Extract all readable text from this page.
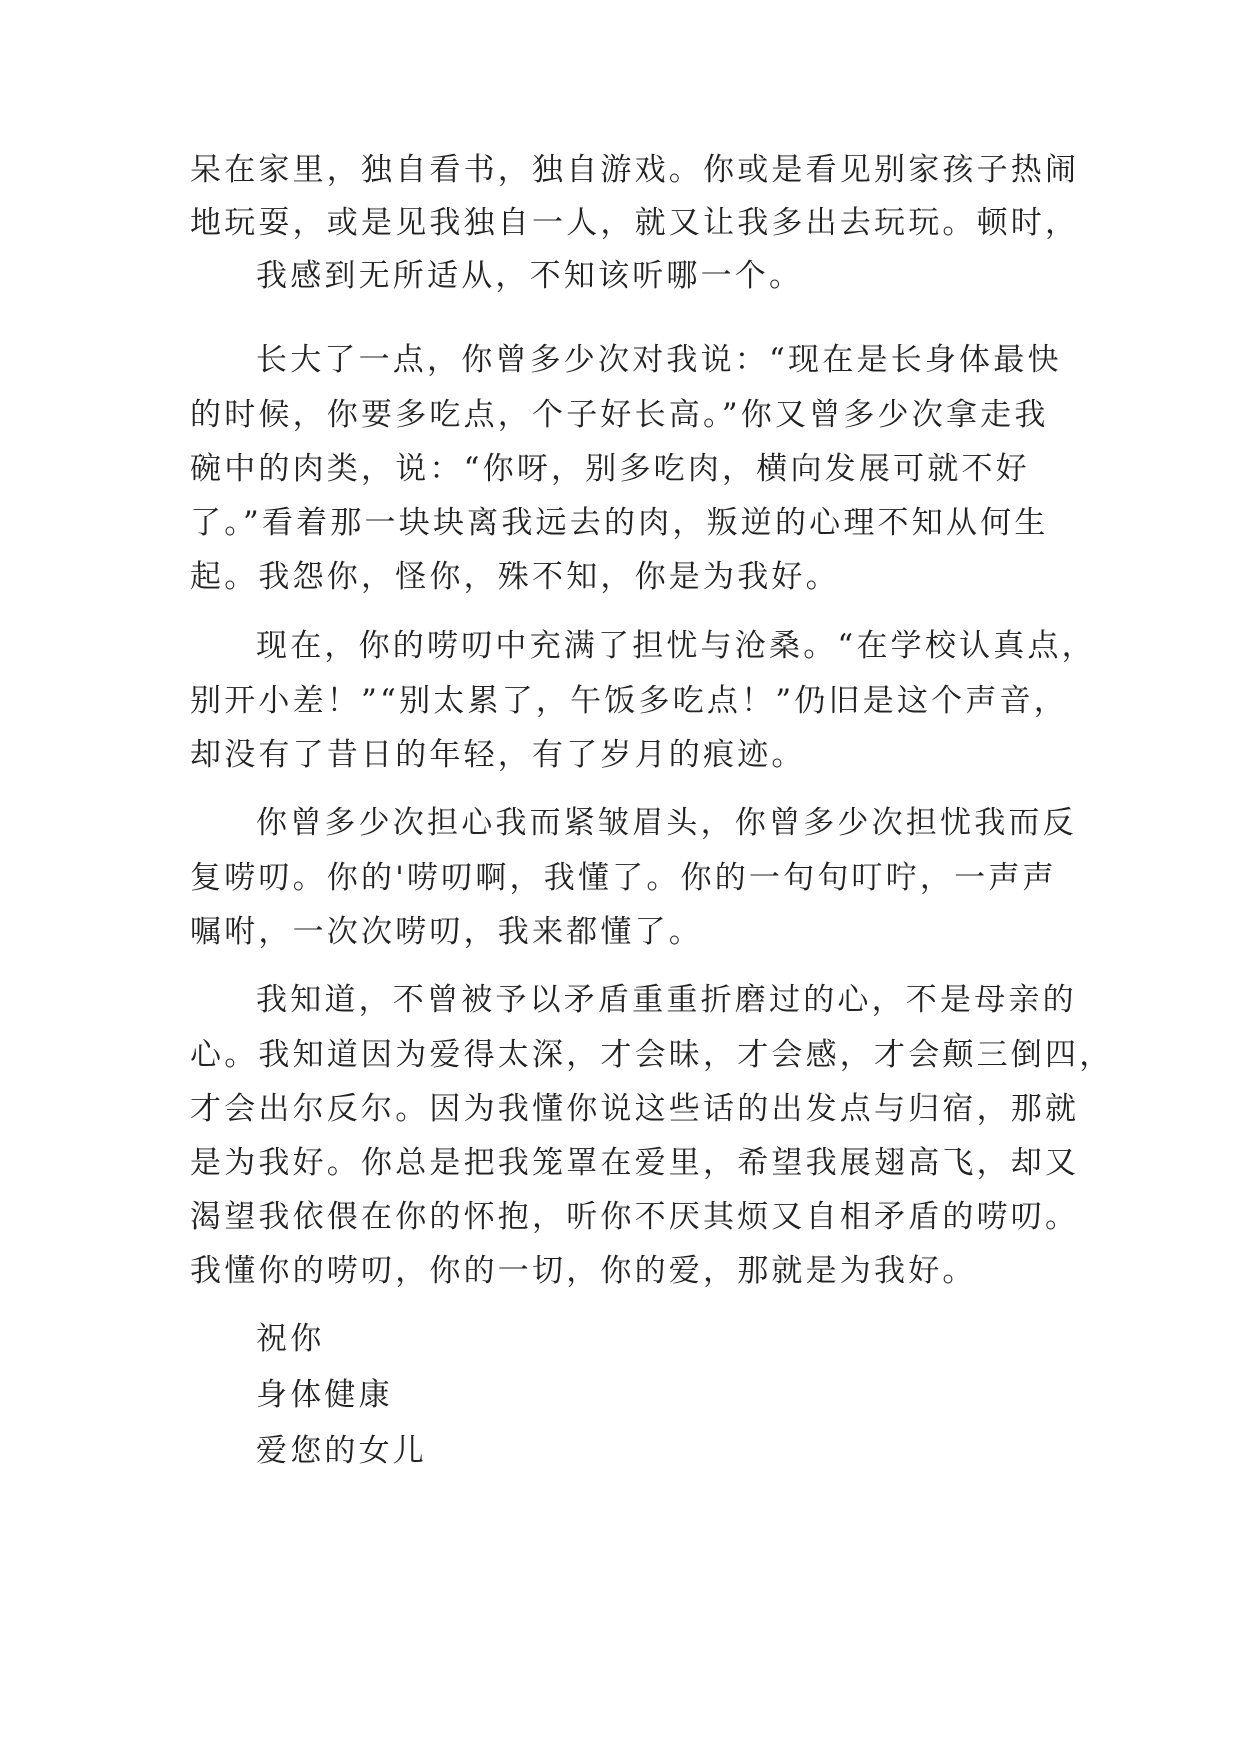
呆在家里，独自看书，独自游戏。你或是看见别家孩子热闹

地玩耍，或是见我独自一人，就又让我多出去玩玩。顿时，

我感到无所适从，不知该听哪一个。

长大了一点，你曾多少次对我说：“现在是长身体最快

的时候，你要多吃点，个子好长高。”你又曾多少次拿走我

碗中的肉类，说：“你呀，别多吃肉，横向发展可就不好

了。”看着那一块块离我远去的肉，叛逆的心理不知从何生

起。我怨你，怪你，殊不知，你是为我好。

现在，你的唠叨中充满了担忧与沧桑。“在学校认真点，

别开小差！”“别太累了，午饭多吃点！”仍旧是这个声音，

却没有了昔日的年轻，有了岁月的痕迹。

你曾多少次担心我而紧皱眉头，你曾多少次担忧我而反

复唠叨。你的'唠叨啊，我懂了。你的一句句叮咛，一声声

嘱咐，一次次唠叨，我来都懂了。

我知道，不曾被予以矛盾重重折磨过的心，不是母亲的

心。我知道因为爱得太深，才会昧，才会感，才会颠三倒四，

才会出尔反尔。因为我懂你说这些话的出发点与归宿，那就

是为我好。你总是把我笼罩在爱里，希望我展翅高飞，却又

渴望我依偎在你的怀抱，听你不厌其烦又自相矛盾的唠叨。

我懂你的唠叨，你的一切，你的爱，那就是为我好。

祝你

身体健康

爱您的女儿
